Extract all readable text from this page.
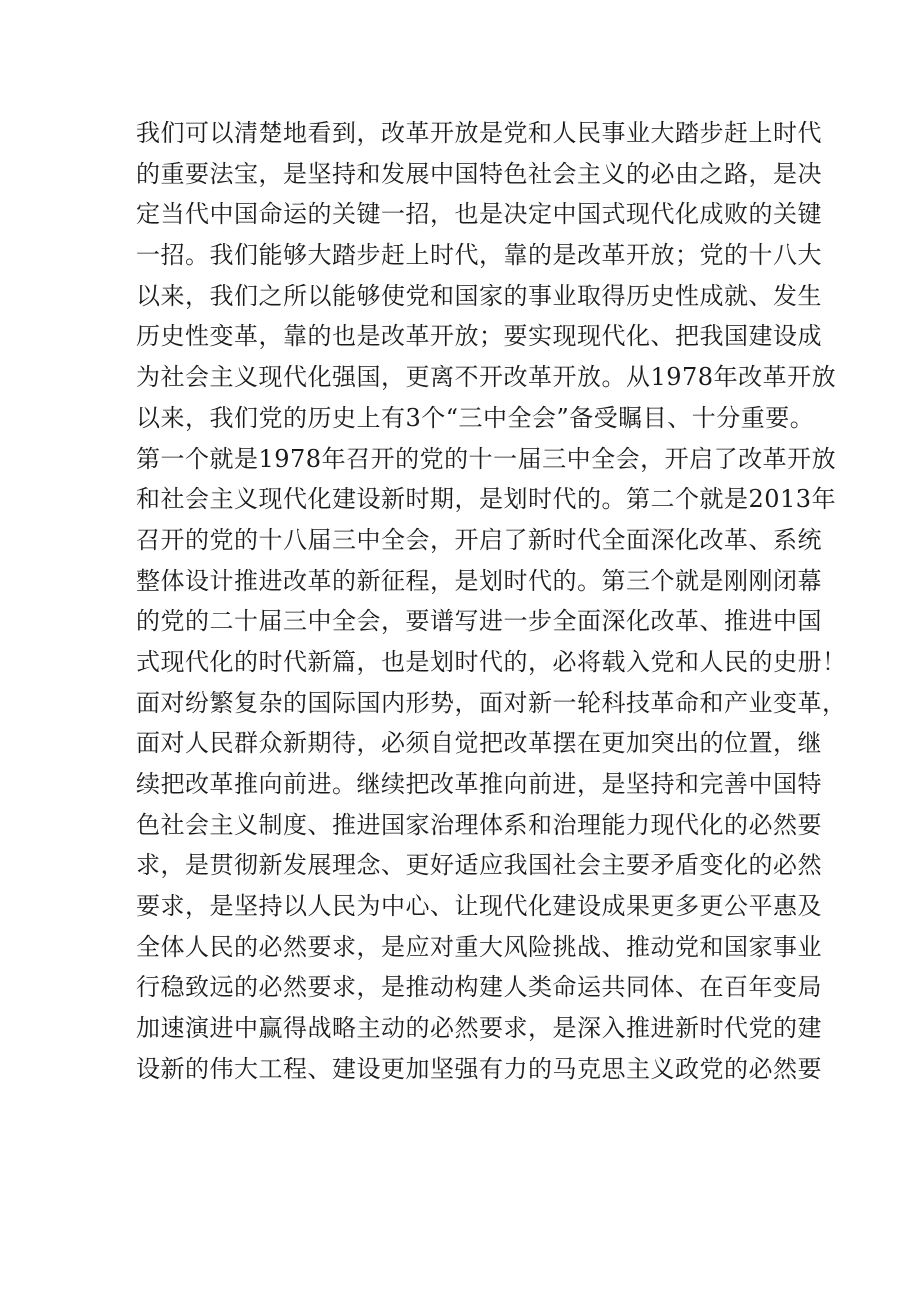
我们可以清楚地看到，改革开放是党和人民事业大踏步赶上时代
的重要法宝，是坚持和发展中国特色社会主义的必由之路，是决
定当代中国命运的关键一招，也是决定中国式现代化成败的关键
一招。我们能够大踏步赶上时代，靠的是改革开放；党的十八大
以来，我们之所以能够使党和国家的事业取得历史性成就、发生
历史性变革，靠的也是改革开放；要实现现代化、把我国建设成
为社会主义现代化强国，更离不开改革开放。从1978年改革开放
以来，我们党的历史上有3个“三中全会”备受瞩目、十分重要。
第一个就是1978年召开的党的十一届三中全会，开启了改革开放
和社会主义现代化建设新时期，是划时代的。第二个就是2013年
召开的党的十八届三中全会，开启了新时代全面深化改革、系统
整体设计推进改革的新征程，是划时代的。第三个就是刚刚闭幕
的党的二十届三中全会，要谱写进一步全面深化改革、推进中国
式现代化的时代新篇，也是划时代的，必将载入党和人民的史册！
面对纷繁复杂的国际国内形势，面对新一轮科技革命和产业变革，
面对人民群众新期待，必须自觉把改革摆在更加突出的位置，继
续把改革推向前进。继续把改革推向前进，是坚持和完善中国特
色社会主义制度、推进国家治理体系和治理能力现代化的必然要
求，是贯彻新发展理念、更好适应我国社会主要矛盾变化的必然
要求，是坚持以人民为中心、让现代化建设成果更多更公平惠及
全体人民的必然要求，是应对重大风险挑战、推动党和国家事业
行稳致远的必然要求，是推动构建人类命运共同体、在百年变局
加速演进中赢得战略主动的必然要求，是深入推进新时代党的建
设新的伟大工程、建设更加坚强有力的马克思主义政党的必然要
